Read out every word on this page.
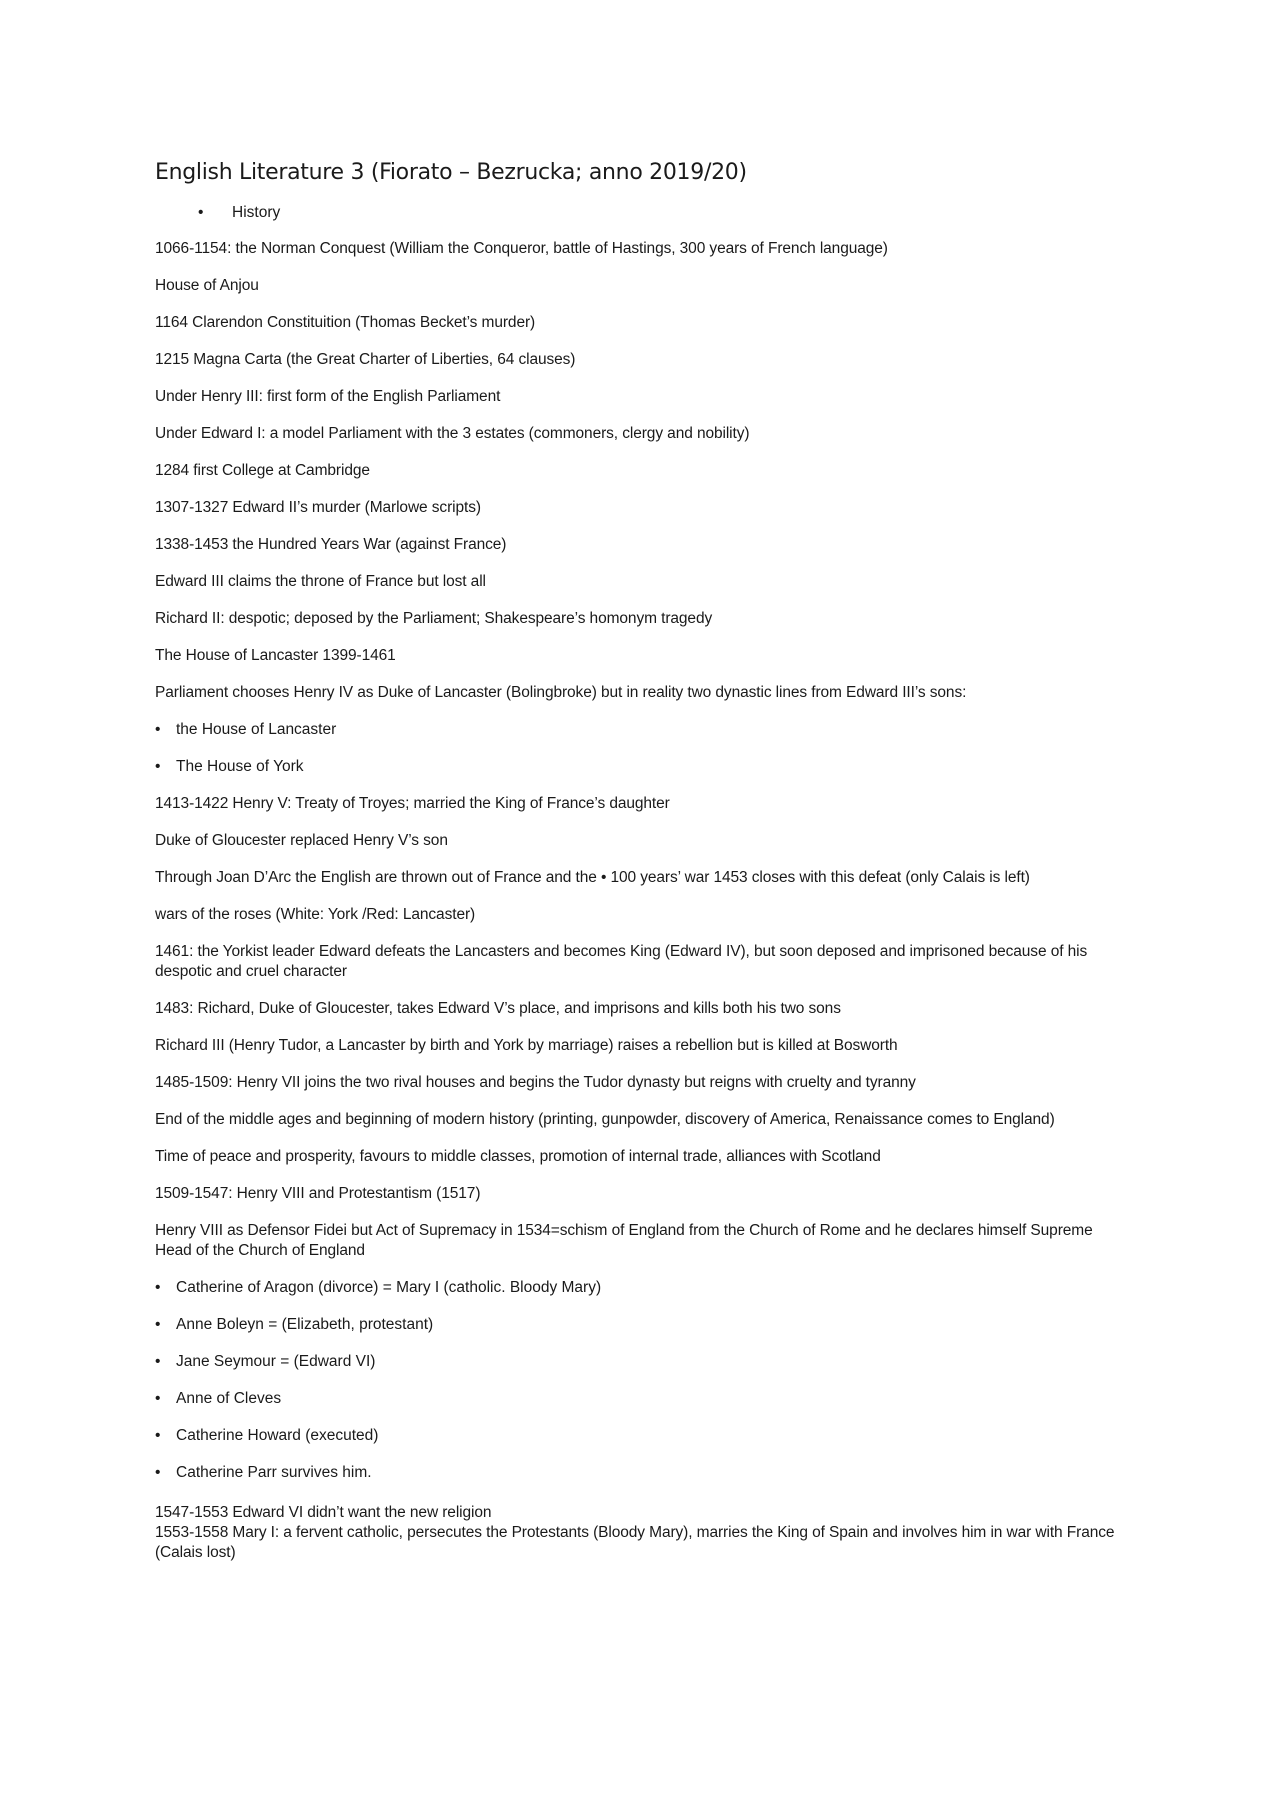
English Literature 3 (Fiorato – Bezrucka; anno 2019/20)
• History

1066-1154: the Norman Conquest (William the Conqueror, battle of Hastings, 300 years of French language)

House of Anjou

1164 Clarendon Constituition (Thomas Becket’s murder)

1215 Magna Carta (the Great Charter of Liberties, 64 clauses)

Under Henry III: first form of the English Parliament

Under Edward I: a model Parliament with the 3 estates (commoners, clergy and nobility)

1284 first College at Cambridge

1307-1327 Edward II’s murder (Marlowe scripts)

1338-1453 the Hundred Years War (against France)

Edward III claims the throne of France but lost all

Richard II: despotic; deposed by the Parliament; Shakespeare’s homonym tragedy

The House of Lancaster 1399-1461

Parliament chooses Henry IV as Duke of Lancaster (Bolingbroke) but in reality two dynastic lines from Edward III’s sons:

• the House of Lancaster
• The House of York

1413-1422 Henry V: Treaty of Troyes; married the King of France’s daughter

Duke of Gloucester replaced Henry V’s son

Through Joan D’Arc the English are thrown out of France and the • 100 years’ war 1453 closes with this defeat (only Calais is left)

wars of the roses (White: York /Red: Lancaster)

1461: the Yorkist leader Edward defeats the Lancasters and becomes King (Edward IV), but soon deposed and imprisoned because of his despotic and cruel character

1483: Richard, Duke of Gloucester, takes Edward V’s place, and imprisons and kills both his two sons

Richard III (Henry Tudor, a Lancaster by birth and York by marriage) raises a rebellion but is killed at Bosworth

1485-1509: Henry VII joins the two rival houses and begins the Tudor dynasty but reigns with cruelty and tyranny

End of the middle ages and beginning of modern history (printing, gunpowder, discovery of America, Renaissance comes to England)

Time of peace and prosperity, favours to middle classes, promotion of internal trade, alliances with Scotland

1509-1547: Henry VIII and Protestantism (1517)

Henry VIII as Defensor Fidei but Act of Supremacy in 1534=schism of England from the Church of Rome and he declares himself Supreme Head of the Church of England

• Catherine of Aragon (divorce) = Mary I (catholic. Bloody Mary)
• Anne Boleyn = (Elizabeth, protestant)
• Jane Seymour = (Edward VI)
• Anne of Cleves
• Catherine Howard (executed)
• Catherine Parr survives him.

1547-1553 Edward VI didn’t want the new religion

1553-1558 Mary I: a fervent catholic, persecutes the Protestants (Bloody Mary), marries the King of Spain and involves him in war with France (Calais lost)
